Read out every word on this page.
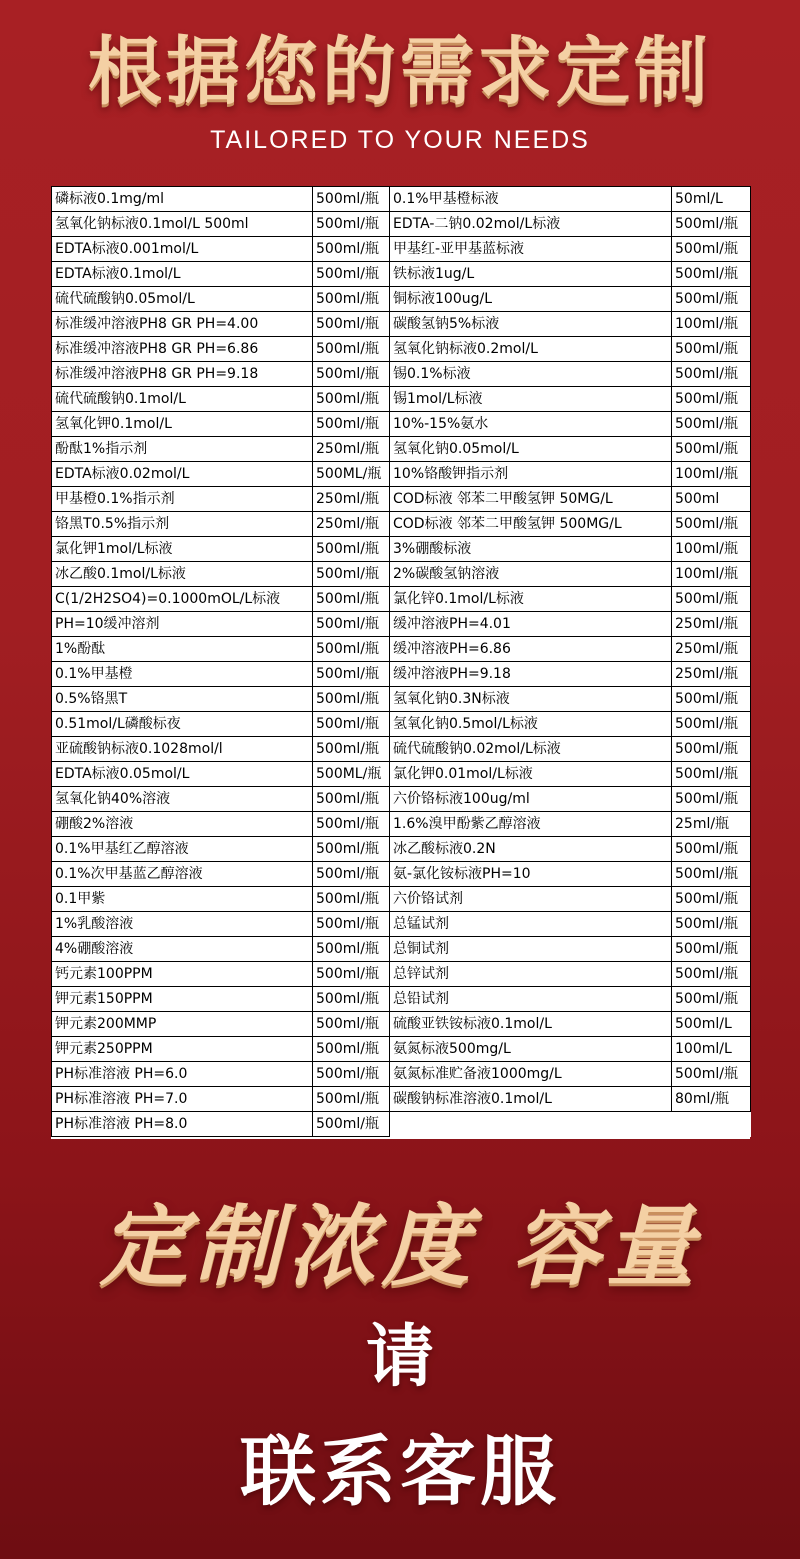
根据您的需求定制
TAILORED TO YOUR NEEDS
磷标液0.1mg/ml	500ml/瓶	0.1%甲基橙标液	50ml/L
氢氧化钠标液0.1mol/L 500ml	500ml/瓶	EDTA-二钠0.02mol/L标液	500ml/瓶
EDTA标液0.001mol/L	500ml/瓶	甲基红-亚甲基蓝标液	500ml/瓶
EDTA标液0.1mol/L	500ml/瓶	铁标液1ug/L	500ml/瓶
硫代硫酸钠0.05mol/L	500ml/瓶	铜标液100ug/L	500ml/瓶
标准缓冲溶液PH8 GR PH=4.00	500ml/瓶	碳酸氢钠5%标液	100ml/瓶
标准缓冲溶液PH8 GR PH=6.86	500ml/瓶	氢氧化钠标液0.2mol/L	500ml/瓶
标准缓冲溶液PH8 GR PH=9.18	500ml/瓶	锡0.1%标液	500ml/瓶
硫代硫酸钠0.1mol/L	500ml/瓶	锡1mol/L标液	500ml/瓶
氢氧化钾0.1mol/L	500ml/瓶	10%-15%氨水	500ml/瓶
酚酞1%指示剂	250ml/瓶	氢氧化钠0.05mol/L	500ml/瓶
EDTA标液0.02mol/L	500ML/瓶	10%铬酸钾指示剂	100ml/瓶
甲基橙0.1%指示剂	250ml/瓶	COD标液 邻苯二甲酸氢钾 50MG/L	500ml
铬黑T0.5%指示剂	250ml/瓶	COD标液 邻苯二甲酸氢钾 500MG/L	500ml/瓶
氯化钾1mol/L标液	500ml/瓶	3%硼酸标液	100ml/瓶
冰乙酸0.1mol/L标液	500ml/瓶	2%碳酸氢钠溶液	100ml/瓶
C(1/2H2SO4)=0.1000mOL/L标液	500ml/瓶	氯化锌0.1mol/L标液	500ml/瓶
PH=10缓冲溶剂	500ml/瓶	缓冲溶液PH=4.01	250ml/瓶
1%酚酞	500ml/瓶	缓冲溶液PH=6.86	250ml/瓶
0.1%甲基橙	500ml/瓶	缓冲溶液PH=9.18	250ml/瓶
0.5%铬黑T	500ml/瓶	氢氧化钠0.3N标液	500ml/瓶
0.51mol/L磷酸标夜	500ml/瓶	氢氧化钠0.5mol/L标液	500ml/瓶
亚硫酸钠标液0.1028mol/l	500ml/瓶	硫代硫酸钠0.02mol/L标液	500ml/瓶
EDTA标液0.05mol/L	500ML/瓶	氯化钾0.01mol/L标液	500ml/瓶
氢氧化钠40%溶液	500ml/瓶	六价铬标液100ug/ml	500ml/瓶
硼酸2%溶液	500ml/瓶	1.6%溴甲酚紫乙醇溶液	25ml/瓶
0.1%甲基红乙醇溶液	500ml/瓶	冰乙酸标液0.2N	500ml/瓶
0.1%次甲基蓝乙醇溶液	500ml/瓶	氨-氯化铵标液PH=10	500ml/瓶
0.1甲紫	500ml/瓶	六价铬试剂	500ml/瓶
1%乳酸溶液	500ml/瓶	总锰试剂	500ml/瓶
4%硼酸溶液	500ml/瓶	总铜试剂	500ml/瓶
钙元素100PPM	500ml/瓶	总锌试剂	500ml/瓶
钾元素150PPM	500ml/瓶	总铅试剂	500ml/瓶
钾元素200MMP	500ml/瓶	硫酸亚铁铵标液0.1mol/L	500ml/L
钾元素250PPM	500ml/瓶	氨氮标液500mg/L	100ml/L
PH标准溶液 PH=6.0	500ml/瓶	氨氮标准贮备液1000mg/L	500ml/瓶
PH标准溶液 PH=7.0	500ml/瓶	碳酸钠标准溶液0.1mol/L	80ml/瓶
PH标准溶液 PH=8.0	500ml/瓶		
定制浓度 容量
请
联系客服
